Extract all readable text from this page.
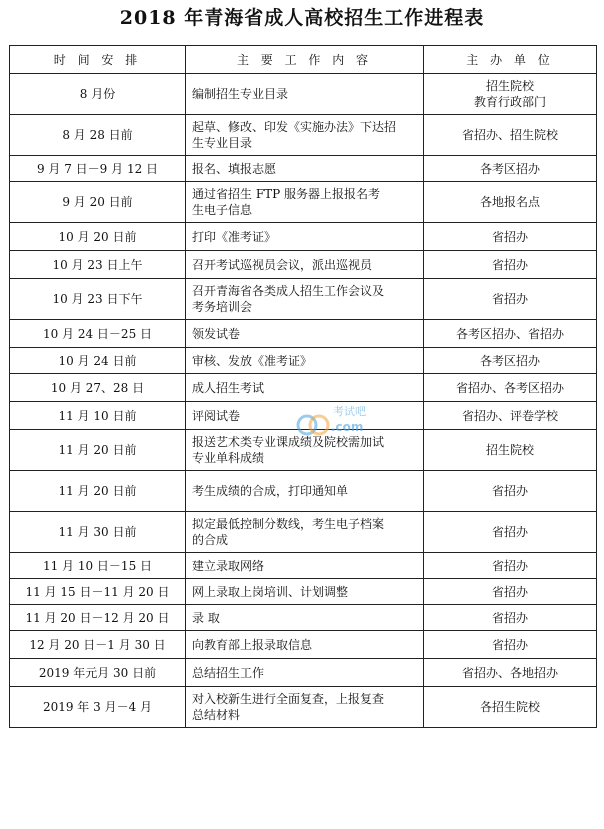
2018 年青海省成人高校招生工作进程表
时 间 安 排	主 要 工 作 内 容	主 办 单 位
8 月份	编制招生专业目录	招生院校
教育行政部门

8 月 28 日前	起草、修改、印发《实施办法》下达招
生专业目录	省招办、招生院校

9 月 7 日－9 月 12 日	报名、填报志愿	各考区招办

9 月 20 日前	通过省招生 FTP 服务器上报报名考
生电子信息	各地报名点

10 月 20 日前	打印《准考证》	省招办

10 月 23 日上午	召开考试巡视员会议，派出巡视员	省招办

10 月 23 日下午	召开青海省各类成人招生工作会议及
考务培训会	省招办

10 月 24 日－25 日	领发试卷	各考区招办、省招办

10 月 24 日前	审核、发放《准考证》	各考区招办

10 月 27、28 日	成人招生考试	省招办、各考区招办

11 月 10 日前	评阅试卷	省招办、评卷学校

11 月 20 日前	报送艺术类专业课成绩及院校需加试
专业单科成绩	招生院校

11 月 20 日前	考生成绩的合成，打印通知单	省招办

11 月 30 日前	拟定最低控制分数线，考生电子档案
的合成	省招办

11 月 10 日－15 日	建立录取网络	省招办

11 月 15 日－11 月 20 日	网上录取上岗培训、计划调整	省招办

11 月 20 日－12 月 20 日	录 取	省招办

12 月 20 日－1 月 30 日	向教育部上报录取信息	省招办

2019 年元月 30 日前	总结招生工作	省招办、各地招办

2019 年 3 月－4 月	对入校新生进行全面复查，上报复查
总结材料	各招生院校
考试吧
.com
